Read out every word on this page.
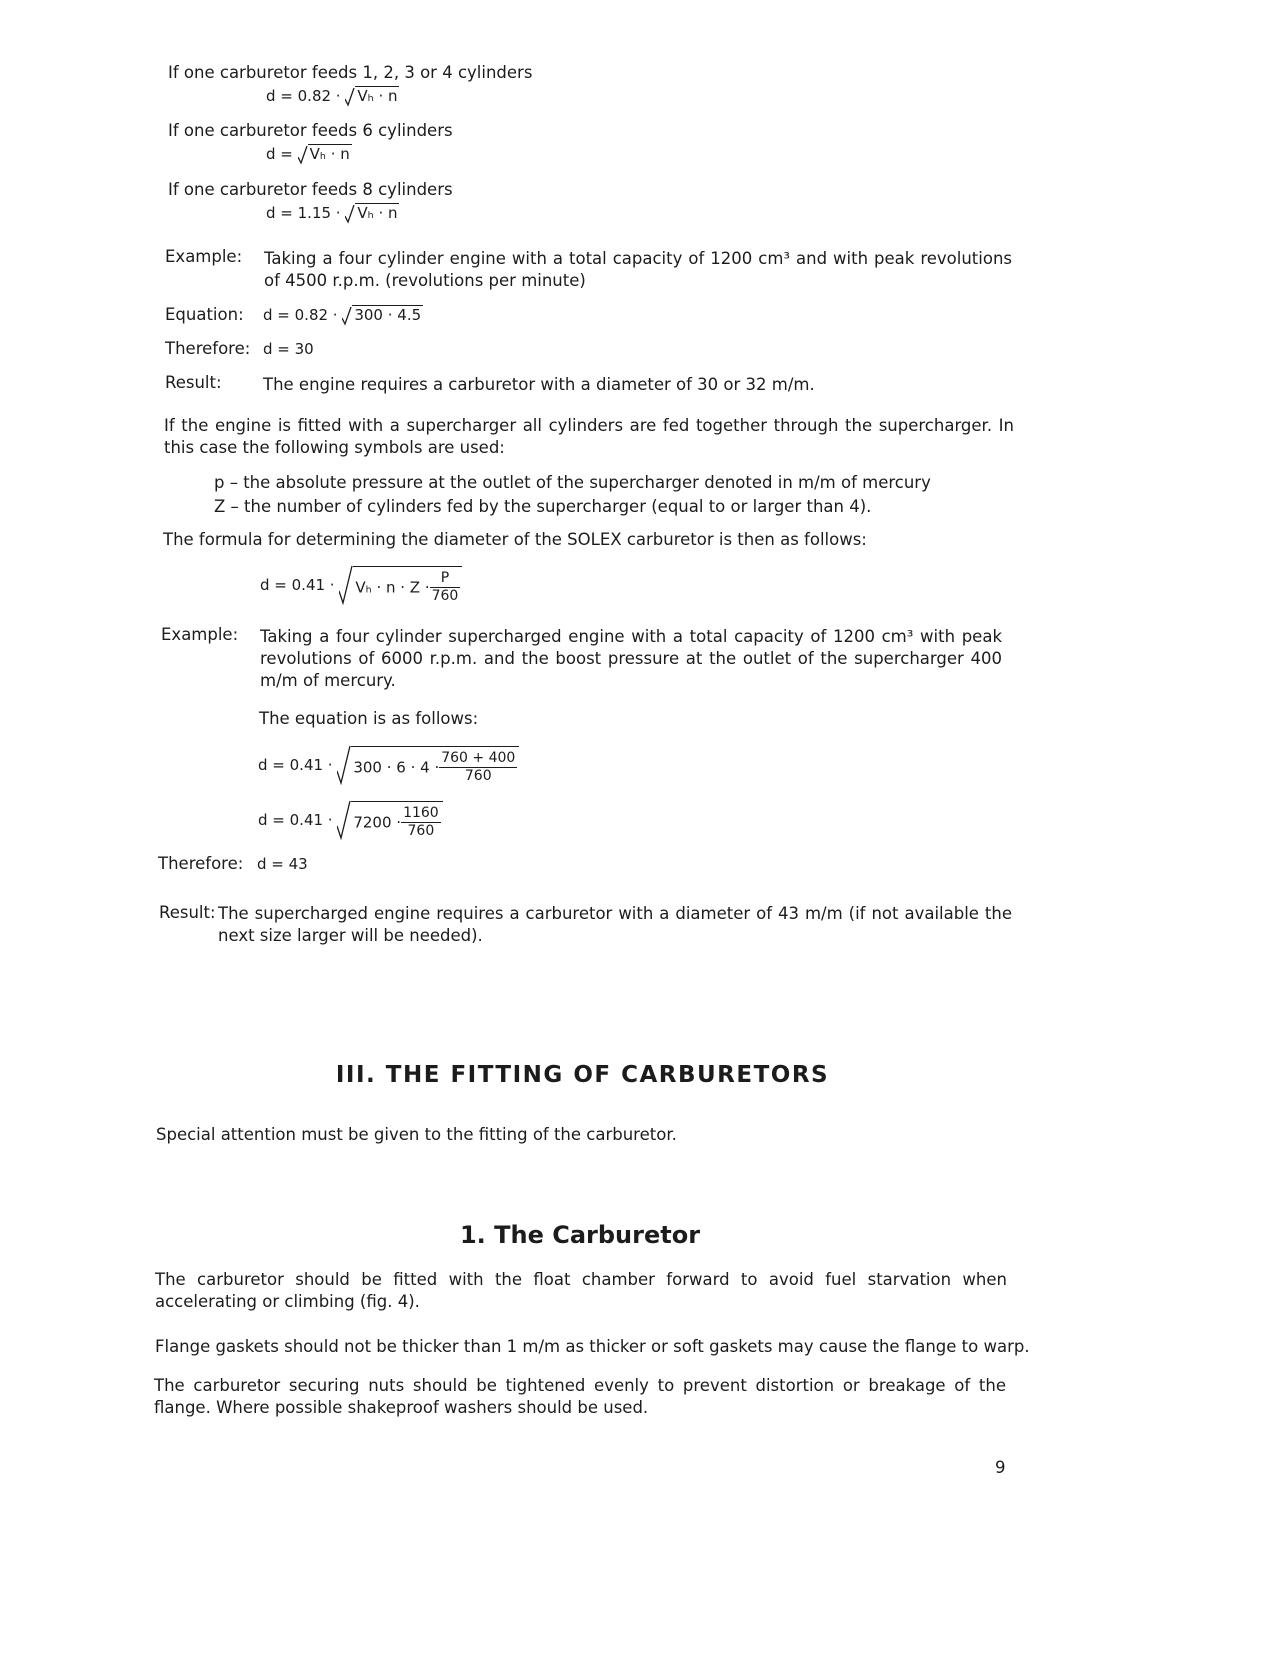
If one carburetor feeds 1, 2, 3 or 4 cylinders
d = 0.82 · Vₕ · n
If one carburetor feeds 6 cylinders
d = Vₕ · n
If one carburetor feeds 8 cylinders
d = 1.15 · Vₕ · n
Example: Taking a four cylinder engine with a total capacity of 1200 cm³ and with peak revolutions of 4500 r.p.m. (revolutions per minute)
Equation: d = 0.82 · 300 · 4.5
Therefore: d = 30
Result:	The engine requires a carburetor with a diameter of 30 or 32 m/m.
If the engine is fitted with a supercharger all cylinders are fed together through the supercharger. In this case the following symbols are used:
p – the absolute pressure at the outlet of the supercharger denoted in m/m of mercury
Z – the number of cylinders fed by the supercharger (equal to or larger than 4).
The formula for determining the diameter of the SOLEX carburetor is then as follows:
$d = 0.41 \cdot V_h \cdot n \cdot Z \cdot \frac{P}{760}$
Example: Taking a four cylinder supercharged engine with a total capacity of 1200 cm³ with peak revolutions of 6000 r.p.m. and the boost pressure at the outlet of the supercharger 400 m/m of mercury.
The equation is as follows:
$d = 0.41 \cdot 300 \cdot 6 \cdot 4 \cdot \frac{760 + 400}{760}$
$d = 0.41 \cdot 7200 \cdot \frac{1160}{760}$
Therefore: d = 43
Result: The supercharged engine requires a carburetor with a diameter of 43 m/m (if not available the next size larger will be needed).
III. THE FITTING OF CARBURETORS
Special attention must be given to the fitting of the carburetor.
1. The Carburetor
The carburetor should be fitted with the float chamber forward to avoid fuel starvation when accelerating or climbing (fig. 4).
Flange gaskets should not be thicker than 1 m/m as thicker or soft gaskets may cause the flange to warp.
The carburetor securing nuts should be tightened evenly to prevent distortion or breakage of the flange. Where possible shakeproof washers should be used.
9
